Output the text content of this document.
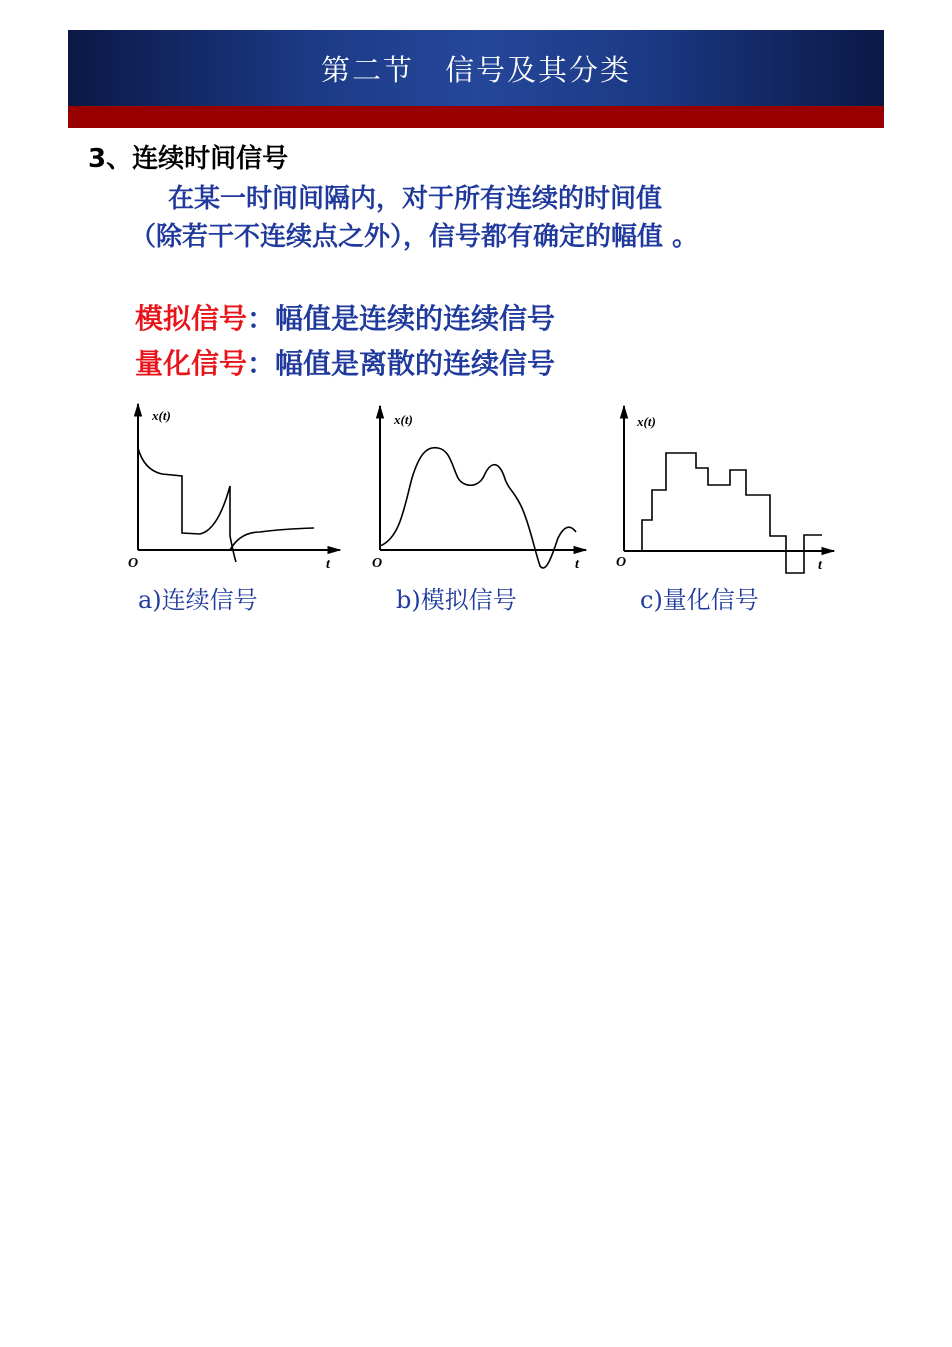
第二节　信号及其分类
3、连续时间信号
在某一时间间隔内，对于所有连续的时间值
（除若干不连续点之外），信号都有确定的幅值 。
模拟信号：幅值是连续的连续信号
量化信号：幅值是离散的连续信号
x(t)
t
O
x(t)
t
O
x(t)
t
O
a)连续信号	b)模拟信号	c)量化信号
